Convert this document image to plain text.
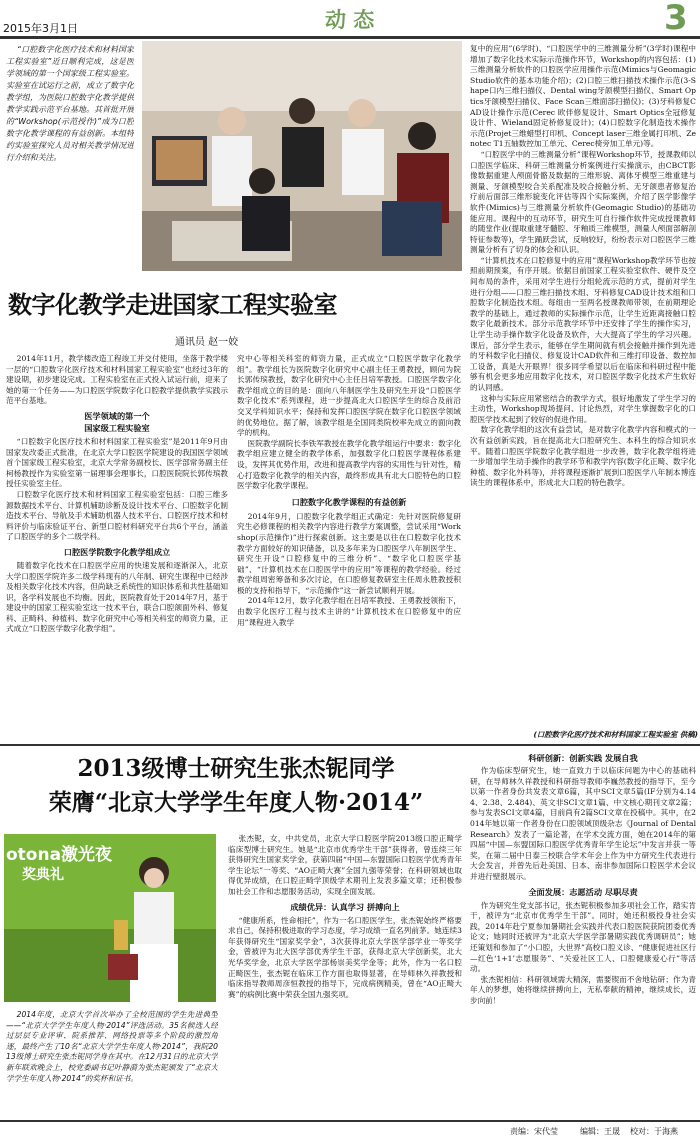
2015年3月1日	动 态	3
“口腔数字化医疗技术和材料国家工程实验室”近日顺利完成，这是医学领域的第一个国家级工程实验室。实验室在试运行之前，成立了数字化教学组，为医院口腔数字化教学提供教学实践示范平台基地。其首批开展的“Workshop(示范授作)”成为口腔数字化教学课程的有益创新。本组特约实验室探究人员对相关教学情况进行介绍和关注。
数字化教学走进国家工程实验室
通讯员 赵一姣
2014年11月，教学楼改造工程竣工并交付使用，坐落于教学楼一层的“口腔数字化医疗技术和材料国家工程实验室”也经过3年的建设期，初步建设完成。工程实验室在正式投入试运行前，迎来了她的第一个任务——为口腔医学院数字化口腔教学提供教学实践示范平台基地。
医学领域的第一个
国家级工程实验室
“口腔数字化医疗技术和材料国家工程实验室”是2011年9月由国家发改委正式批准，在北京大学口腔医学院建设的我国医学领域首个国家级工程实验室，北京大学常务副校长、医学部常务副主任柯杨教授作为实验室第一届理事会理事长，口腔医院院长郭传瑸教授任实验室主任。
口腔数字化医疗技术和材料国家工程实验室包括：口腔三维多源数据技术平台、计算机辅助诊断及设计技术平台、口腔数字化制造技术平台、导航及手术辅助机器人技术平台、口腔医疗技术和材料评价与临床验证平台、新型口腔材料研究平台共6个平台，涵盖了口腔医学的多个二级学科。
口腔医学院数字化教学组成立
随着数字化技术在口腔医学应用的快速发展和逐渐深入，北京大学口腔医学院许多二级学科现有的八年制、研究生课程中已经涉及相关数字化技术内容，但尚缺乏系统性的知识体系和共性基础知识，各学科发展也不均衡。因此，医院教育处于2014年7月，基于建设中的国家工程实验室这一技术平台，联合口腔颌面外科、修复科、正畸科、种植科、数字化研究中心等相关科室的师资力量，正式成立“口腔医学数字化教学组”。
究中心等相关科室的师资力量，正式成立“口腔医学数字化教学组”。教学组长为医院数字化研究中心副主任王勇教授，顾问为院长郭传瑸教授，数字化研究中心主任吕培军教授。口腔医学数字化教学组成立的目的是：面向八年制医学生及研究生开设“口腔医学数字化技术”系列课程，进一步提高北大口腔医学生的综合及前沿交叉学科知识水平；保持和发挥口腔医学院在数字化口腔医学领域的优势地位。据了解，该教学组是全国同类院校率先成立的面向教学的机构。
医院教学副院长李铁军教授在教学化教学组运行中要求：数字化教学组应建立健全的教学体系，加强数字化口腔医学课程体系建设，发挥其优势作用，改进和提高教学内容的实用性与针对性，精心打造数字化教学的相关内容，最终形成具有北大口腔特色的口腔医学数字化教学课程。
口腔数字化教学课程的有益创新
2014年9月，口腔数字化教学组正式确定：先针对医院修复研究生必修课程的相关教学内容进行教学方案调整，尝试采用“Workshop(示范操作)”进行探索创新。这主要是以往在口腔数字化技术教学方面较好的知识储备，以及多年来为口腔医学八年制医学生、研究生开设“口腔修复中的三维分析”、“数字化口腔医学基础”、“计算机技术在口腔医学中的应用”等课程的教学经验。经过教学组周密筹备和多次讨论，在口腔修复教研室主任周永胜教授积极的支持和指导下，“示范操作”这一新尝试顺利开展。
2014年12月，数字化教学组在吕培军教授、王勇教授领衔下，由数字化医疗工程与技术主讲的“计算机技术在口腔修复中的应用”课程进入教学
复中的应用”(6学时)、“口腔医学中的三维测量分析”(3学时)课程中增加了数字化技术实际示范操作环节，Workshop的内容包括：(1)三维测量分析软件的口腔医学应用操作示范(Mimics与Geomagic Studio软件的基本功能介绍)；(2)口腔三维扫描技术操作示范(3-Shape口内三维扫描仪、Dental wing牙颌模型扫描仪、Smart Optics牙颌模型扫描仪、Face Scan三维面部扫描仪)；(3)牙科修复CAD设计操作示范(Cerec 欧伴修复设计、Smart Optics全冠修复设计件、Wieland固定桥修复设计)；(4)口腔数字化制造技术操作示范(Projet三维蜡型打印机、Concept laser三维金属打印机、Zenotec T1五轴数控加工单元、Cerec椅旁加工单元)等。
“口腔医学中的三维测量分析”课程Workshop环节，授课教师以口腔医学临床、科研三维测量分析案例进行实操演示，由CBCT影像数据重建人颅面骨骼及数据的三维形貌、离体牙模型三维重建与测量、牙颌模型咬合关系配准及咬合接触分析、无牙颌患者修复治疗前后面部三维形貌变化评估等四个实际案例，介绍了医学影像学软件(Mimics)与三维测量分析软件(Geomagic Studio)的基础功能应用。课程中的互动环节，研究生可自行操作软件完成授课教师的随堂作业(提取重建牙髓腔、牙釉质三维模型，测量人颅面部解剖特征参数等)，学生踊跃尝试，反响较好，纷纷表示对口腔医学三维测量分析有了切身的体会和认识。
“计算机技术在口腔修复中的应用”课程Workshop教学环节也按照前期预案，有序开展。依据目前国家工程实验室软件、硬件及空间布局的条件，采用对学生进行分组轮流示范的方式，提前对学生进行分组——口腔三维扫描技术组、牙科修复CAD设计技术组和口腔数字化制造技术组。每组由一至两名授课教师带领，在前期理论教学的基础上，通过教师的实际操作示范，让学生近距离接触口腔数字化最新技术。部分示范教学环节中还安排了学生的操作实习，让学生动手操作数字化设备及软件，大大提高了学生的学习兴趣。课后，部分学生表示，能够在学生期间就有机会接触并操作到先进的牙科数字化扫描仪、修复设计CAD软件和三维打印设备、数控加工设备，真是大开眼界！很多同学希望以后在临床和科研过程中能够有机会更多地应用数字化技术，对口腔医学数字化技术产生软好的认同感。
这种与实际应用紧密结合的教学方式，很好地激发了学生学习的主动性，Workshop现场提问、讨论热烈，对学生掌握数字化的口腔医学技术起到了较好的促进作用。
数字化教学组的这次有益尝试，是对数字化教学内容和模式的一次有益创新实践，旨在提高北大口腔研究生、本科生的综合知识水平。随着口腔医学院数字化教学组进一步改善，数字化教学组将进一步增加学生动手操作的教学环节和教学内容(数字化正畸、数字化种植、数字化外科等)，并将课程逐渐扩展到口腔医学八年制本博连读生的课程体系中，形成北大口腔的特色教学。
(口腔数字化医疗技术和材料国家工程实验室 供稿)
2013级博士研究生张杰铌同学
荣膺“北京大学学生年度人物·2014”
otona激光夜
奖典礼
2014年度，北京大学首次举办了全校范围的学生先进典型——“北京大学学生年度人物·2014”评选活动。35名候选人经过层层专业评审、院系推荐、网络投票等多个阶段的激烈角逐，最终产生了10名“北京大学学生年度人物·2014”，我院2013级博士研究生张杰铌同学身在其中。在12月31日的北京大学新年联欢晚会上，校党委副书记叶静漪为张杰铌颁发了“北京大学学生年度人物·2014”的奖杯和证书。
张杰铌，女，中共党员，北京大学口腔医学院2013级口腔正畸学临床型博士研究生。她是“北京市优秀学生干部”获得者，曾连续三年获得研究生国家奖学金，获第四届“中国—东盟国际口腔医学优秀青年学生论坛”一等奖、“AO正畸大赛”全国九强等荣誉；在科研领域也取得优异成绩，在口腔正畸学顶级学术期刊上发表多篇文章；还积极参加社会工作和志愿服务活动，实现全面发展。
成绩优异：认真学习 拼搏向上
“健康所系，性命相托”，作为一名口腔医学生，张杰铌始终严格要求自己，保持积极进取的学习态度，学习成绩一直名列前茅。她连续3年获得研究生“国家奖学金”，3次获得北京大学医学部学业一等奖学金，曾被评为北大医学部优秀学生干部，获得北京大学创新奖，北大光华奖学金，北京大学医学部杨崇美奖学金等；此外，作为一名口腔正畸医生，张杰铌在临床工作方面也取得显著，在导师林久祥教授和临床指导教师周彦恒教授的指导下，完成病例精美，曾在“AO正畸大赛”的病例比赛中荣获全国九强奖项。
科研创新：创新实践 发展自我
作为临床型研究生，她一直致力于以临床问题为中心的基础科研，在导师林久祥教授和科研指导教师李巍然教授的指导下，至今以第一作者身份共发表文章6篇，其中SCI文章5篇(IF分别为4.144、2.38、2.484)、英文非SCI文章1篇、中文核心期刊文章2篇；参与发表SCI文章4篇，目前尚有2篇SCI文章在投稿中。其中，在2014年她以第一作者身份在口腔领域顶级杂志《Journal of Dental Research》发表了一篇论著，在学术交流方面，她在2014年的第四届“中国—东盟国际口腔医学优秀青年学生论坛”中发言并获一等奖，在第二届中日泰三校联合学术年会上作为中方研究生代表进行大会发言，并曾先后赴美国、日本、南非参加国际口腔医学术会议并进行壁报展示。
全面发展：志愿活动 尽职尽责
作为研究生党支部书记，张杰铌积极参加多项社会工作，踏实肯干，被评为“北京市优秀学生干部”。同时，她还积极投身社会实践，2014年赴宁夏参加暑期社会实践并代表口腔医院获院团委优秀论文；她同时还被评为“北京大学医学部暑期实践优秀调研员”；她还策划和参加了“小口腔，大世界”高校口腔义诊、“健康促进社区行—红色‘1+1’志愿服务”、“关爱社区工人、口腔健康爱心行”等活动。
张杰铌相信：科研领域需大精深，需要锲而不舍地钻研；作为青年人的梦想，她将继续拼搏向上，无私奉献的精神，继续成长，迈步向前！
责编：宋代莹	编辑：王晟 校对：于海燕
